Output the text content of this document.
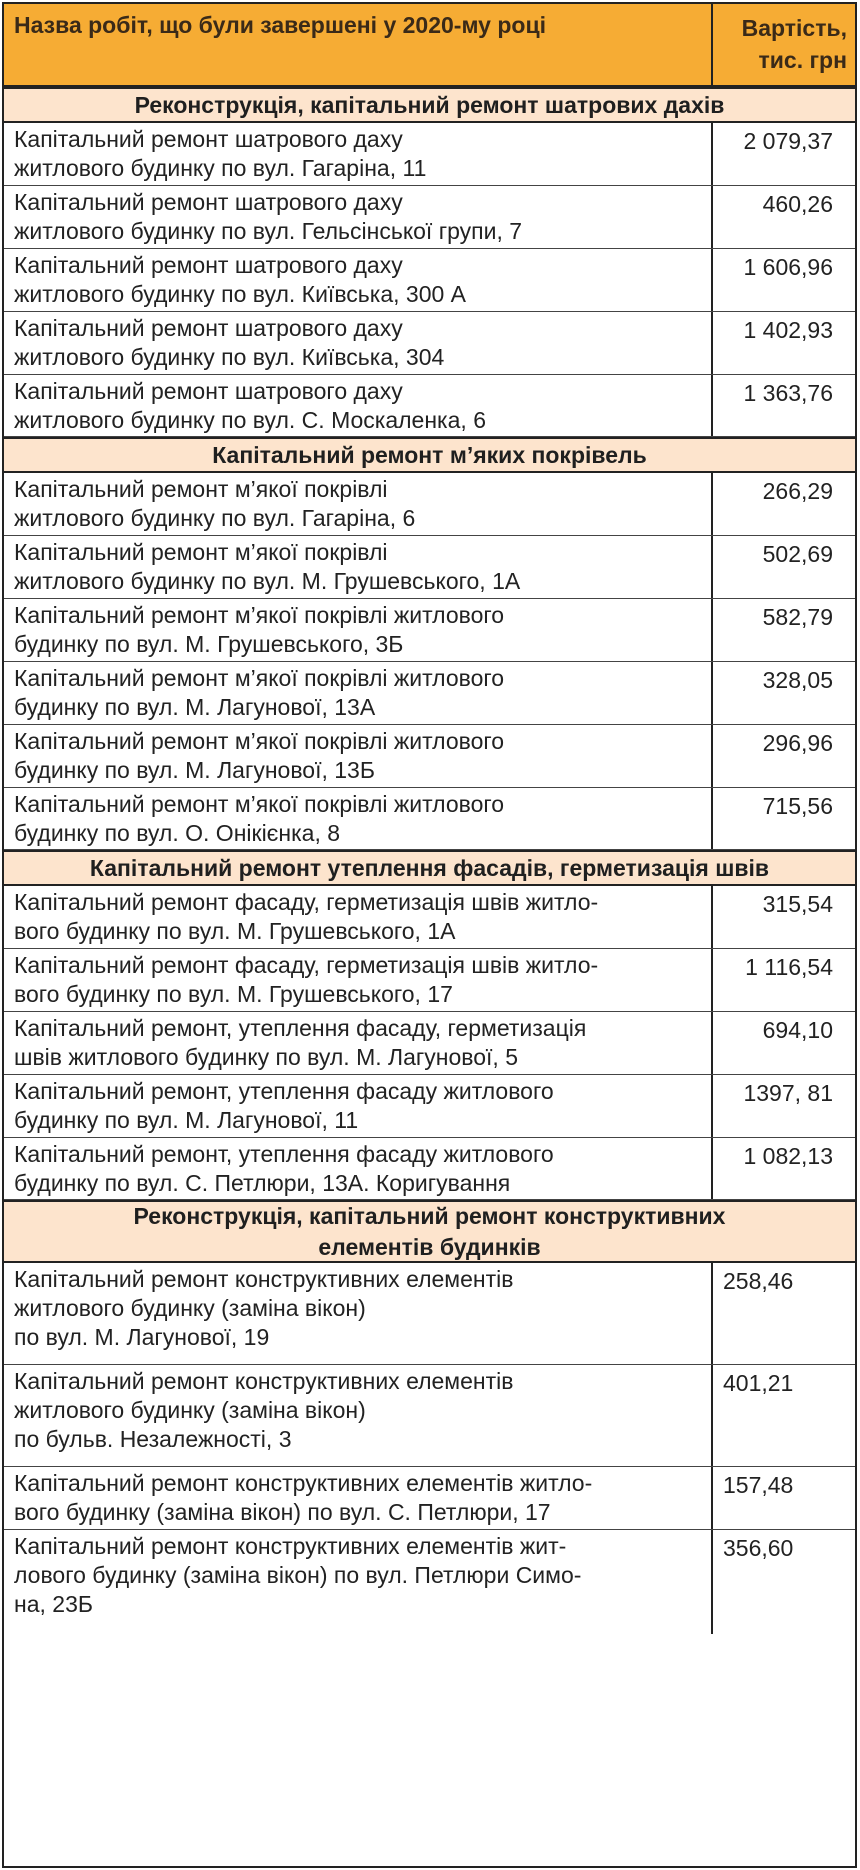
Назва робіт, що були завершені у 2020-му році	Вартість,
тис. грн
Реконструкція, капітальний ремонт шатрових дахів
Капітальний ремонт шатрового даху
житлового будинку по вул. Гагаріна, 11
2 079,37
Капітальний ремонт шатрового даху
житлового будинку по вул. Гельсінської групи, 7
460,26
Капітальний ремонт шатрового даху
житлового будинку по вул. Київська, 300 А
1 606,96
Капітальний ремонт шатрового даху
житлового будинку по вул. Київська, 304
1 402,93
Капітальний ремонт шатрового даху
житлового будинку по вул. С. Москаленка, 6
1 363,76
Капітальний ремонт м’яких покрівель
Капітальний ремонт м’якої покрівлі
житлового будинку по вул. Гагаріна, 6
266,29
Капітальний ремонт м’якої покрівлі
житлового будинку по вул. М. Грушевського, 1А
502,69
Капітальний ремонт м’якої покрівлі житлового
будинку по вул. М. Грушевського, 3Б
582,79
Капітальний ремонт м’якої покрівлі житлового
будинку по вул. М. Лагунової, 13А
328,05
Капітальний ремонт м’якої покрівлі житлового
будинку по вул. М. Лагунової, 13Б
296,96
Капітальний ремонт м’якої покрівлі житлового
будинку по вул. О. Онікієнка, 8
715,56
Капітальний ремонт утеплення фасадів, герметизація швів
Капітальний ремонт фасаду, герметизація швів житло-
вого будинку по вул. М. Грушевського, 1А
315,54
Капітальний ремонт фасаду, герметизація швів житло-
вого будинку по вул. М. Грушевського, 17
1 116,54
Капітальний ремонт, утеплення фасаду, герметизація
швів житлового будинку по вул. М. Лагунової, 5
694,10
Капітальний ремонт, утеплення фасаду житлового
будинку по вул. М. Лагунової, 11
1397, 81
Капітальний ремонт, утеплення фасаду житлового
будинку по вул. С. Петлюри, 13А. Коригування
1 082,13
Реконструкція, капітальний ремонт конструктивних
елементів будинків
Капітальний ремонт конструктивних елементів
житлового будинку (заміна вікон)
по вул. М. Лагунової, 19
258,46
Капітальний ремонт конструктивних елементів
житлового будинку (заміна вікон)
по бульв. Незалежності, 3
401,21
Капітальний ремонт конструктивних елементів житло-
вого будинку (заміна вікон) по вул. С. Петлюри, 17
157,48
Капітальний ремонт конструктивних елементів жит-
лового будинку (заміна вікон) по вул. Петлюри Симо-
на, 23Б
356,60
